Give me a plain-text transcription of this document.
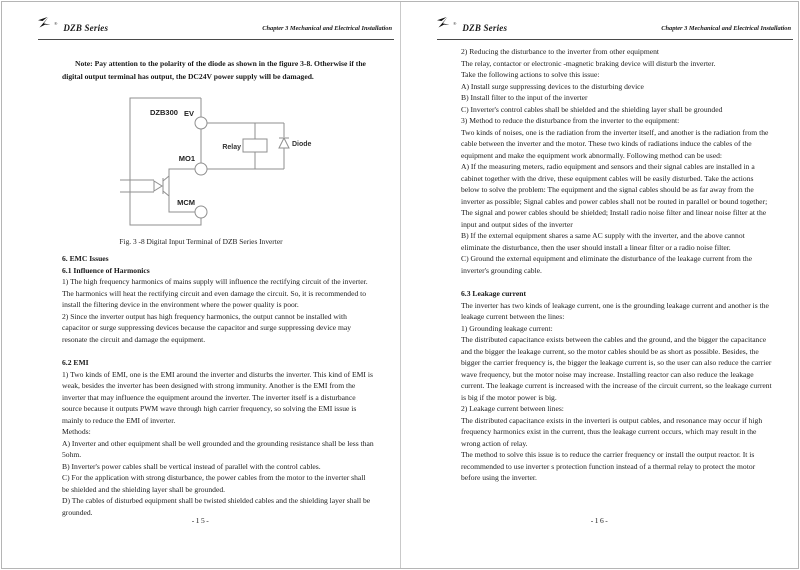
® DZB Series	Chapter 3 Mechanical and Electrical Installation
Note: Pay attention to the polarity of the diode as shown in the figure 3-8. Otherwise if the digital output terminal has output, the DC24V power supply will be damaged.
DZB300 EV
MO1
MCM
Relay	Diode
Fig. 3 -8 Digital Input Terminal of DZB Series Inverter

6. EMC Issues

6.1 Influence of Harmonics

1) The high frequency harmonics of mains supply will influence the rectifying circuit of the inverter. The harmonics will heat the rectifying circuit and even damage the circuit. So, it is recommended to install the filtering device in the environment where the power quality is poor.

2) Since the inverter output has high frequency harmonics, the output cannot be installed with capacitor or surge suppressing devices because the capacitor and surge suppressing device may resonate the circuit and damage the equipment.

6.2 EMI

1) Two kinds of EMI, one is the EMI around the inverter and disturbs the inverter. This kind of EMI is weak, besides the inverter has been designed with strong immunity. Another is the EMI from the inverter that may influence the equipment around the inverter. The inverter itself is a disturbance source because it outputs PWM wave through high carrier frequency, so solving the EMI issue is mainly to reduce the EMI of inverter.

Methods:

A) Inverter and other equipment shall be well grounded and the grounding resistance shall be less than 5ohm.

B) Inverter's power cables shall be vertical instead of parallel with the control cables.

C) For the application with strong disturbance, the power cables from the motor to the inverter shall be shielded and the shielding layer shall be grounded.

D) The cables of disturbed equipment shall be twisted shielded cables and the shielding layer shall be grounded.

-15-
® DZB Series	Chapter 3 Mechanical and Electrical Installation

2) Reducing the disturbance to the inverter from other equipment

The relay, contactor or electronic -magnetic braking device will disturb the inverter.

Take the following actions to solve this issue:

A) Install surge suppressing devices to the disturbing device

B) Install filter to the input of the inverter

C) Inverter's control cables shall be shielded and the shielding layer shall be grounded

3) Method to reduce the disturbance from the inverter to the equipment:

Two kinds of noises, one is the radiation from the inverter itself, and another is the radiation from the cable between the inverter and the motor. These two kinds of radiations induce the cables of the equipment and make the equipment work abnormally. Following method can be used:

A) If the measuring meters, radio equipment and sensors and their signal cables are installed in a cabinet together with the drive, these equipment cables will be easily disturbed. Take the actions below to solve the problem: The equipment and the signal cables should be as far away from the inverter as possible; Signal cables and power cables shall not be routed in parallel or bound together; The signal and power cables should be shielded; Install radio noise filter and linear noise filter at the input and output sides of the inverter

B) If the external equipment shares a same AC supply with the inverter, and the above cannot eliminate the disturbance, then the user should install a linear filter or a radio noise filter.

C) Ground the external equipment and eliminate the disturbance of the leakage current from the inverter's grounding cable.

6.3 Leakage current

The inverter has two kinds of leakage current, one is the grounding leakage current and another is the leakage current between the lines:

1) Grounding leakage current:

The distributed capacitance exists between the cables and the ground, and the bigger the capacitance and the bigger the leakage current, so the motor cables should be as short as possible. Besides, the bigger the carrier frequency is, the bigger the leakage current is, so the user can also reduce the carrier wave frequency, but the motor noise may increase. Installing reactor can also reduce the leakage current. The leakage current is increased with the increase of the circuit current, so the leakage current is big if the motor power is big.

2) Leakage current between lines:

The distributed capacitance exists in the inverteri is output cables, and resonance may occur if high frequency harmonics exist in the current, thus the leakage current occurs, which may result in the wrong action of relay.

The method to solve this issue is to reduce the carrier frequency or install the output reactor. It is recommended to use inverter s protection function instead of a thermal relay to protect the motor before using the inverter.

-16-
